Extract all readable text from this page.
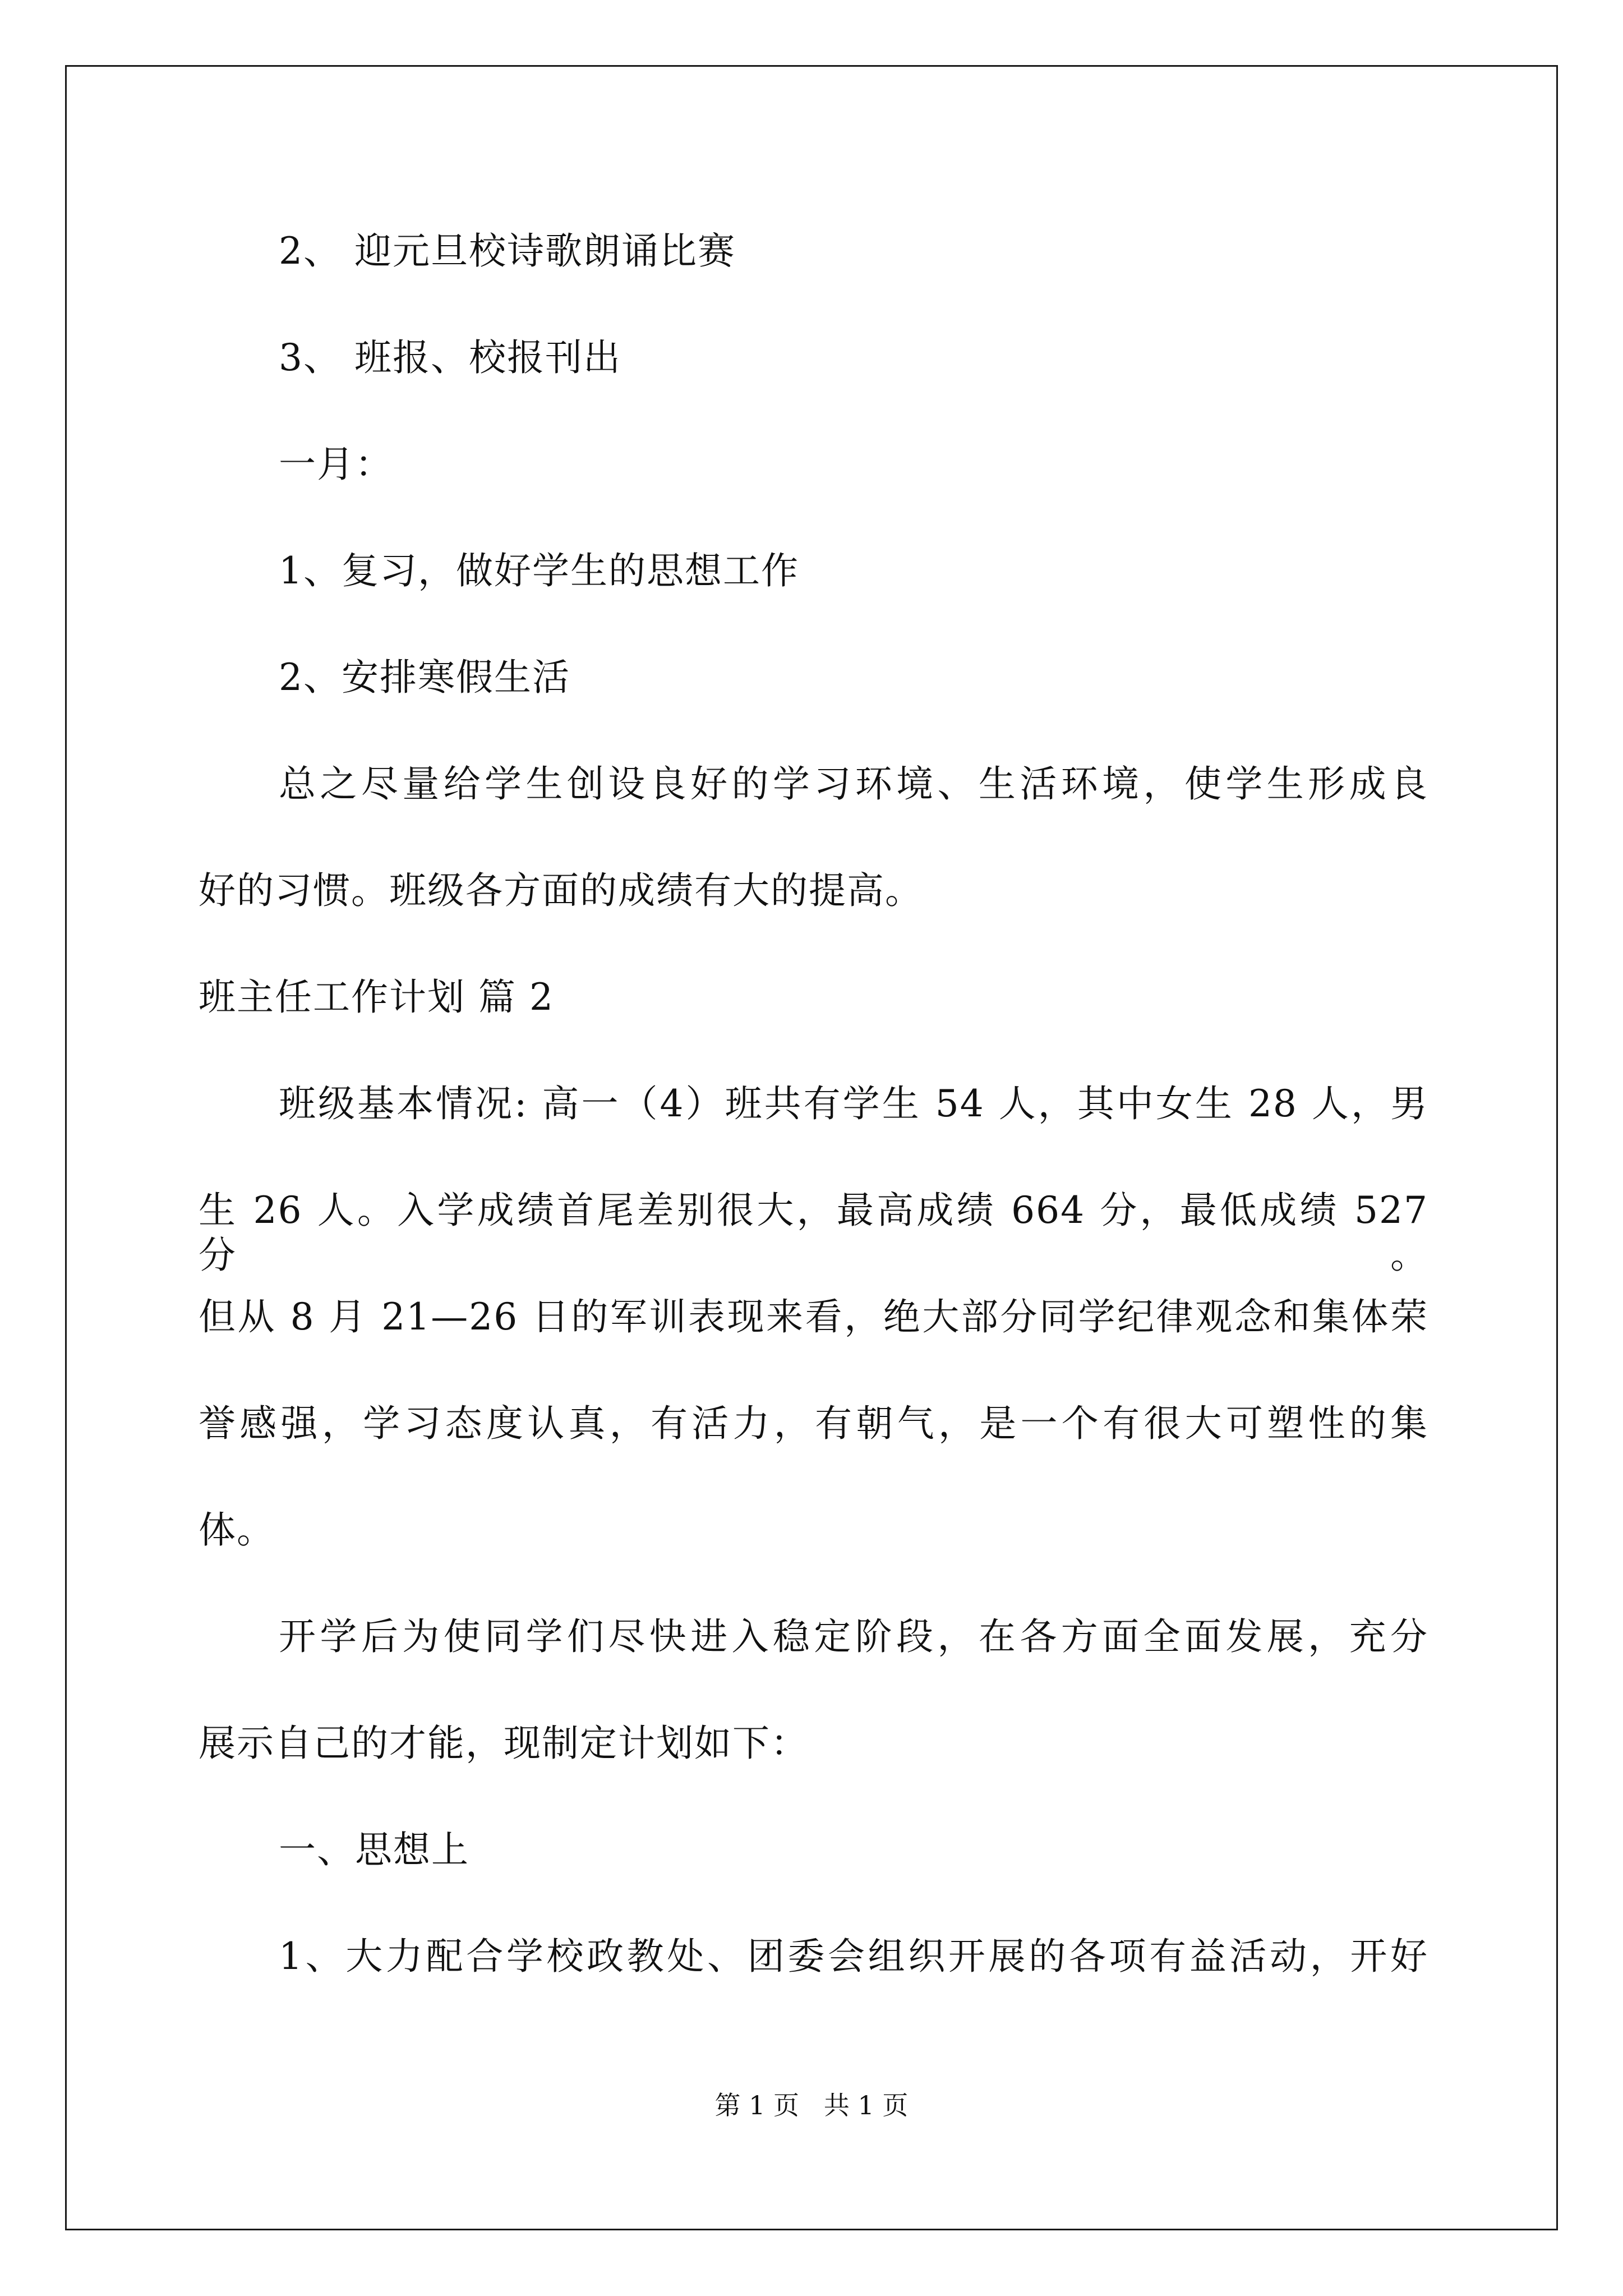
2、 迎元旦校诗歌朗诵比赛
3、 班报、校报刊出
一月：
1、复习，做好学生的思想工作
2、安排寒假生活
总之尽量给学生创设良好的学习环境、生活环境，使学生形成良
好的习惯。班级各方面的成绩有大的提高。
班主任工作计划 篇 2
班级基本情况: 高一（4）班共有学生 54 人，其中女生 28 人，男
生 26 人。入学成绩首尾差别很大，最高成绩 664 分，最低成绩 527 分。
但从 8 月 21—26 日的军训表现来看，绝大部分同学纪律观念和集体荣
誉感强，学习态度认真，有活力，有朝气，是一个有很大可塑性的集
体。
开学后为使同学们尽快进入稳定阶段，在各方面全面发展，充分
展示自己的才能，现制定计划如下：
一、思想上
1、大力配合学校政教处、团委会组织开展的各项有益活动，开好
第 1 页   共 1 页
